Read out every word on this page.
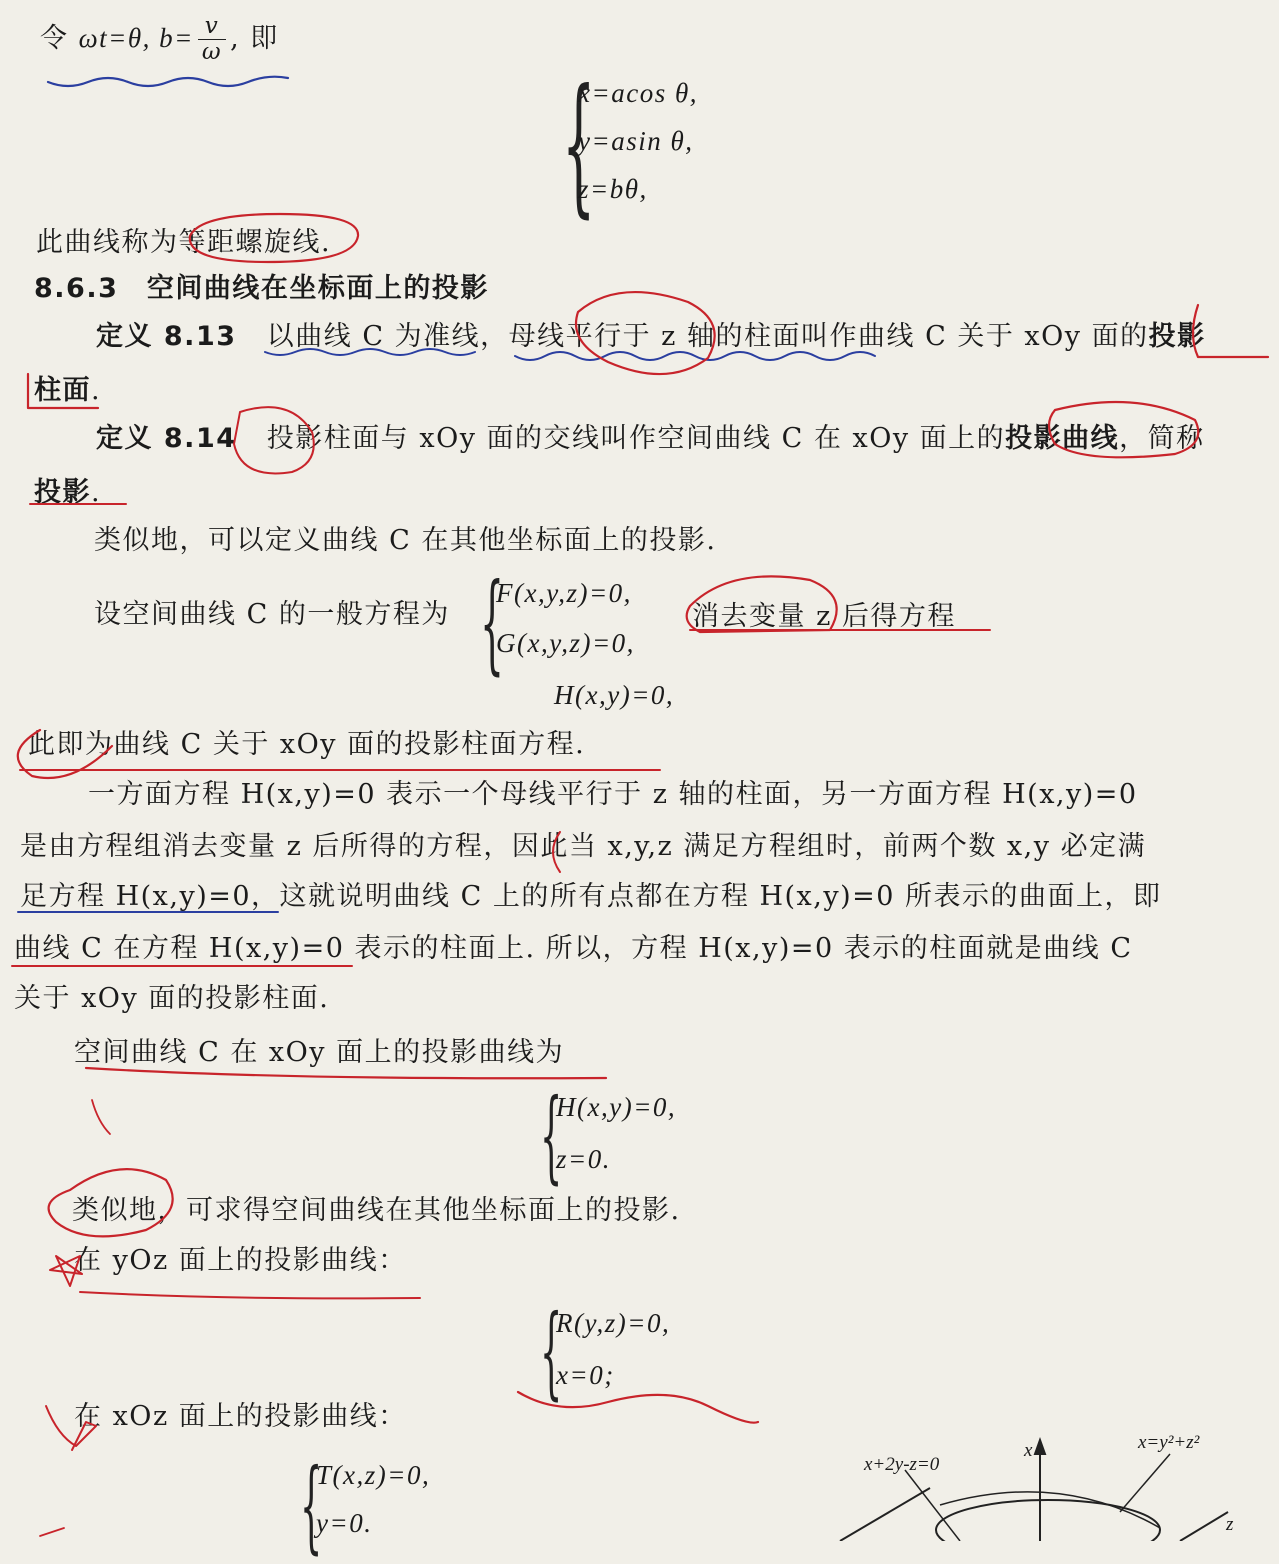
令 ωt=θ, $b= \frac{v}{\omega}$ , 即
{
x=acos θ,
y=asin θ,
z=bθ,
此曲线称为等距螺旋线.
8.6.3　空间曲线在坐标面上的投影
定义 8.13 以曲线 C 为准线，母线平行于 z 轴的柱面叫作曲线 C 关于 xOy 面的投影
柱面.
定义 8.14 投影柱面与 xOy 面的交线叫作空间曲线 C 在 xOy 面上的投影曲线，简称
投影.
类似地，可以定义曲线 C 在其他坐标面上的投影.
设空间曲线 C 的一般方程为 {
F(x,y,z)=0,
G(x,y,z)=0,
消去变量 z 后得方程
H(x,y)=0,
此即为曲线 C 关于 xOy 面的投影柱面方程.
一方面方程 H(x,y)=0 表示一个母线平行于 z 轴的柱面，另一方面方程 H(x,y)=0
是由方程组消去变量 z 后所得的方程，因此当 x,y,z 满足方程组时，前两个数 x,y 必定满
足方程 H(x,y)=0，这就说明曲线 C 上的所有点都在方程 H(x,y)=0 所表示的曲面上，即
曲线 C 在方程 H(x,y)=0 表示的柱面上. 所以，方程 H(x,y)=0 表示的柱面就是曲线 C
关于 xOy 面的投影柱面.
空间曲线 C 在 xOy 面上的投影曲线为
{
H(x,y)=0,
z=0.
类似地，可求得空间曲线在其他坐标面上的投影.
在 yOz 面上的投影曲线：
{
R(y,z)=0,
x=0;
在 xOz 面上的投影曲线：
{
T(x,z)=0,
y=0.
x+2y-z=0
x=y²+z²
x
z
